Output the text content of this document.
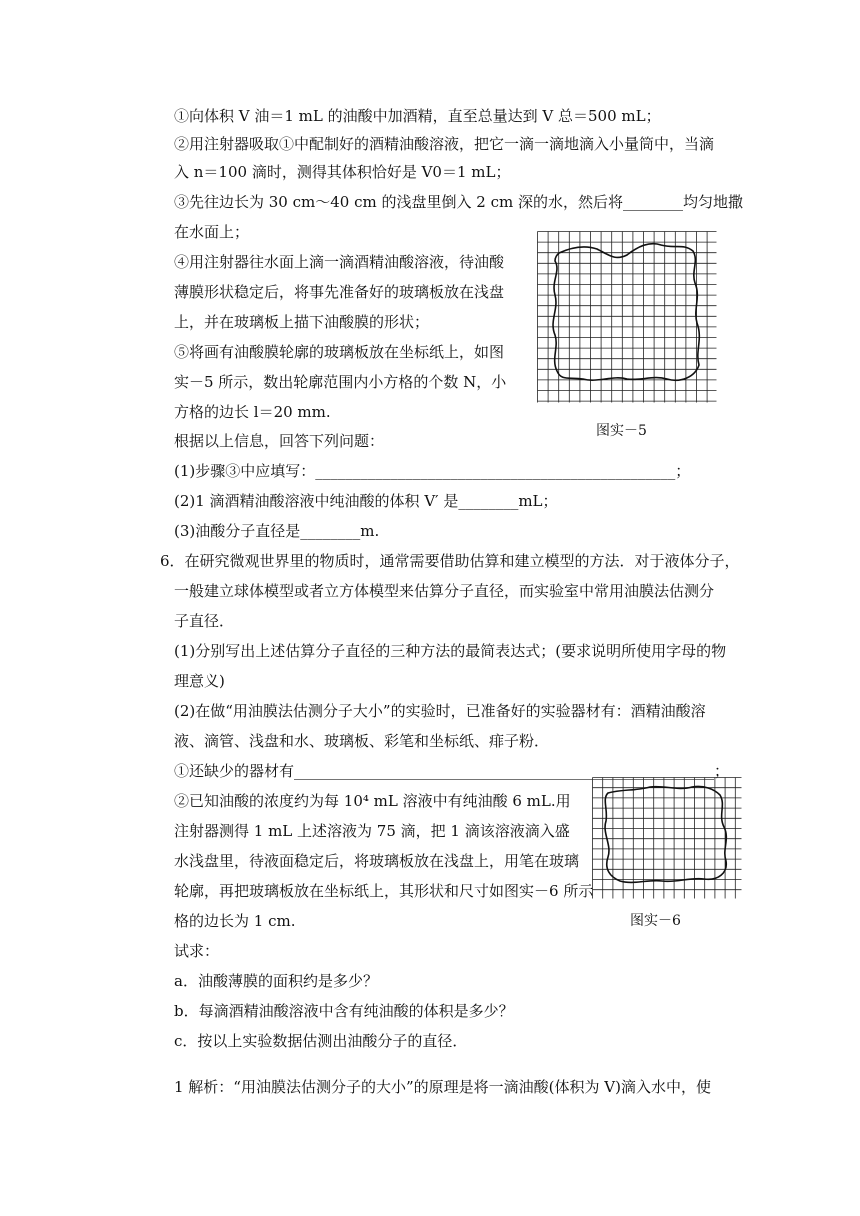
①向体积 V 油＝1 mL 的油酸中加酒精，直至总量达到 V 总＝500 mL；
②用注射器吸取①中配制好的酒精油酸溶液，把它一滴一滴地滴入小量筒中，当滴
入 n＝100 滴时，测得其体积恰好是 V0＝1 mL；
③先往边长为 30 cm～40 cm 的浅盘里倒入 2 cm 深的水，然后将________均匀地撒
在水面上；
④用注射器往水面上滴一滴酒精油酸溶液，待油酸
薄膜形状稳定后，将事先准备好的玻璃板放在浅盘
上，并在玻璃板上描下油酸膜的形状；
⑤将画有油酸膜轮廓的玻璃板放在坐标纸上，如图
实－5 所示，数出轮廓范围内小方格的个数 N，小
方格的边长 l＝20 mm.
根据以上信息，回答下列问题：
(1)步骤③中应填写：________________________________________________；
(2)1 滴酒精油酸溶液中纯油酸的体积 V′ 是________mL；
(3)油酸分子直径是________m.
6．在研究微观世界里的物质时，通常需要借助估算和建立模型的方法．对于液体分子，
一般建立球体模型或者立方体模型来估算分子直径，而实验室中常用油膜法估测分
子直径．
(1)分别写出上述估算分子直径的三种方法的最简表达式；(要求说明所使用字母的物
理意义)
(2)在做“用油膜法估测分子大小”的实验时，已准备好的实验器材有：酒精油酸溶
液、滴管、浅盘和水、玻璃板、彩笔和坐标纸、痱子粉．
①还缺少的器材有________________________________________________________；
②已知油酸的浓度约为每 10⁴ mL 溶液中有纯油酸 6 mL.用
注射器测得 1 mL 上述溶液为 75 滴，把 1 滴该溶液滴入盛
水浅盘里，待液面稳定后，将玻璃板放在浅盘上，用笔在玻璃
轮廓，再把玻璃板放在坐标纸上，其形状和尺寸如图实－6 所示
格的边长为 1 cm.
试求：
a．油酸薄膜的面积约是多少？
b．每滴酒精油酸溶液中含有纯油酸的体积是多少？
c．按以上实验数据估测出油酸分子的直径．
1 解析：“用油膜法估测分子的大小”的原理是将一滴油酸(体积为 V)滴入水中，使
图实－5
图实－6
